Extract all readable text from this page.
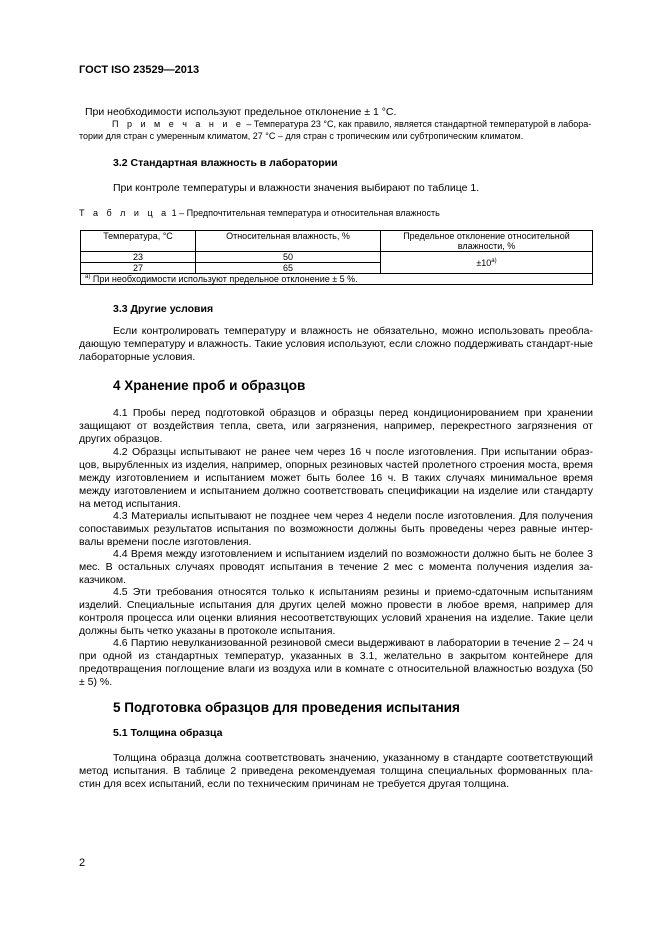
ГОСТ ISO 23529—2013
При необходимости используют предельное отклонение ± 1 °С.
П р и м е ч а н и е – Температура 23 °С, как правило, является стандартной температурой в лабора-
тории для стран с умеренным климатом, 27 °С – для стран с тропическим или субтропическим климатом.
3.2 Стандартная влажность в лаборатории
При контроле температуры и влажности значения выбирают по таблице 1.
Т а б л и ц а 1 – Предпочтительная температура и относительная влажность
Температура, °С	Относительная влажность, %	Предельное отклонение относительной влажности, %
23	50	$\pm 10^{а)}$
27	65	
$^{а)}$ При необходимости используют предельное отклонение ± 5 %.		
3.3 Другие условия
Если контролировать температуру и влажность не обязательно, можно использовать преобла-дающую температуру и влажность. Такие условия используют, если сложно поддерживать стандарт-ные лабораторные условия.
4 Хранение проб и образцов
4.1 Пробы перед подготовкой образцов и образцы перед кондиционированием при хранении защищают от воздействия тепла, света, или загрязнения, например, перекрестного загрязнения от других образцов.
4.2 Образцы испытывают не ранее чем через 16 ч после изготовления. При испытании образ-цов, вырубленных из изделия, например, опорных резиновых частей пролетного строения моста, время между изготовлением и испытанием может быть более 16 ч. В таких случаях минимальное время между изготовлением и испытанием должно соответствовать спецификации на изделие или стандарту на метод испытания.
4.3 Материалы испытывают не позднее чем через 4 недели после изготовления. Для получения сопоставимых результатов испытания по возможности должны быть проведены через равные интер-валы времени после изготовления.
4.4 Время между изготовлением и испытанием изделий по возможности должно быть не более 3 мес. В остальных случаях проводят испытания в течение 2 мес с момента получения изделия за-казчиком.
4.5 Эти требования относятся только к испытаниям резины и приемо-сдаточным испытаниям изделий. Специальные испытания для других целей можно провести в любое время, например для контроля процесса или оценки влияния несоответствующих условий хранения на изделие. Такие цели должны быть четко указаны в протоколе испытания.
4.6 Партию невулканизованной резиновой смеси выдерживают в лаборатории в течение 2 – 24 ч при одной из стандартных температур, указанных в 3.1, желательно в закрытом контейнере для предотвращения поглощение влаги из воздуха или в комнате с относительной влажностью воздуха (50 ± 5) %.
5 Подготовка образцов для проведения испытания
5.1 Толщина образца
Толщина образца должна соответствовать значению, указанному в стандарте соответствующий метод испытания. В таблице 2 приведена рекомендуемая толщина специальных формованных пла-стин для всех испытаний, если по техническим причинам не требуется другая толщина.
2
